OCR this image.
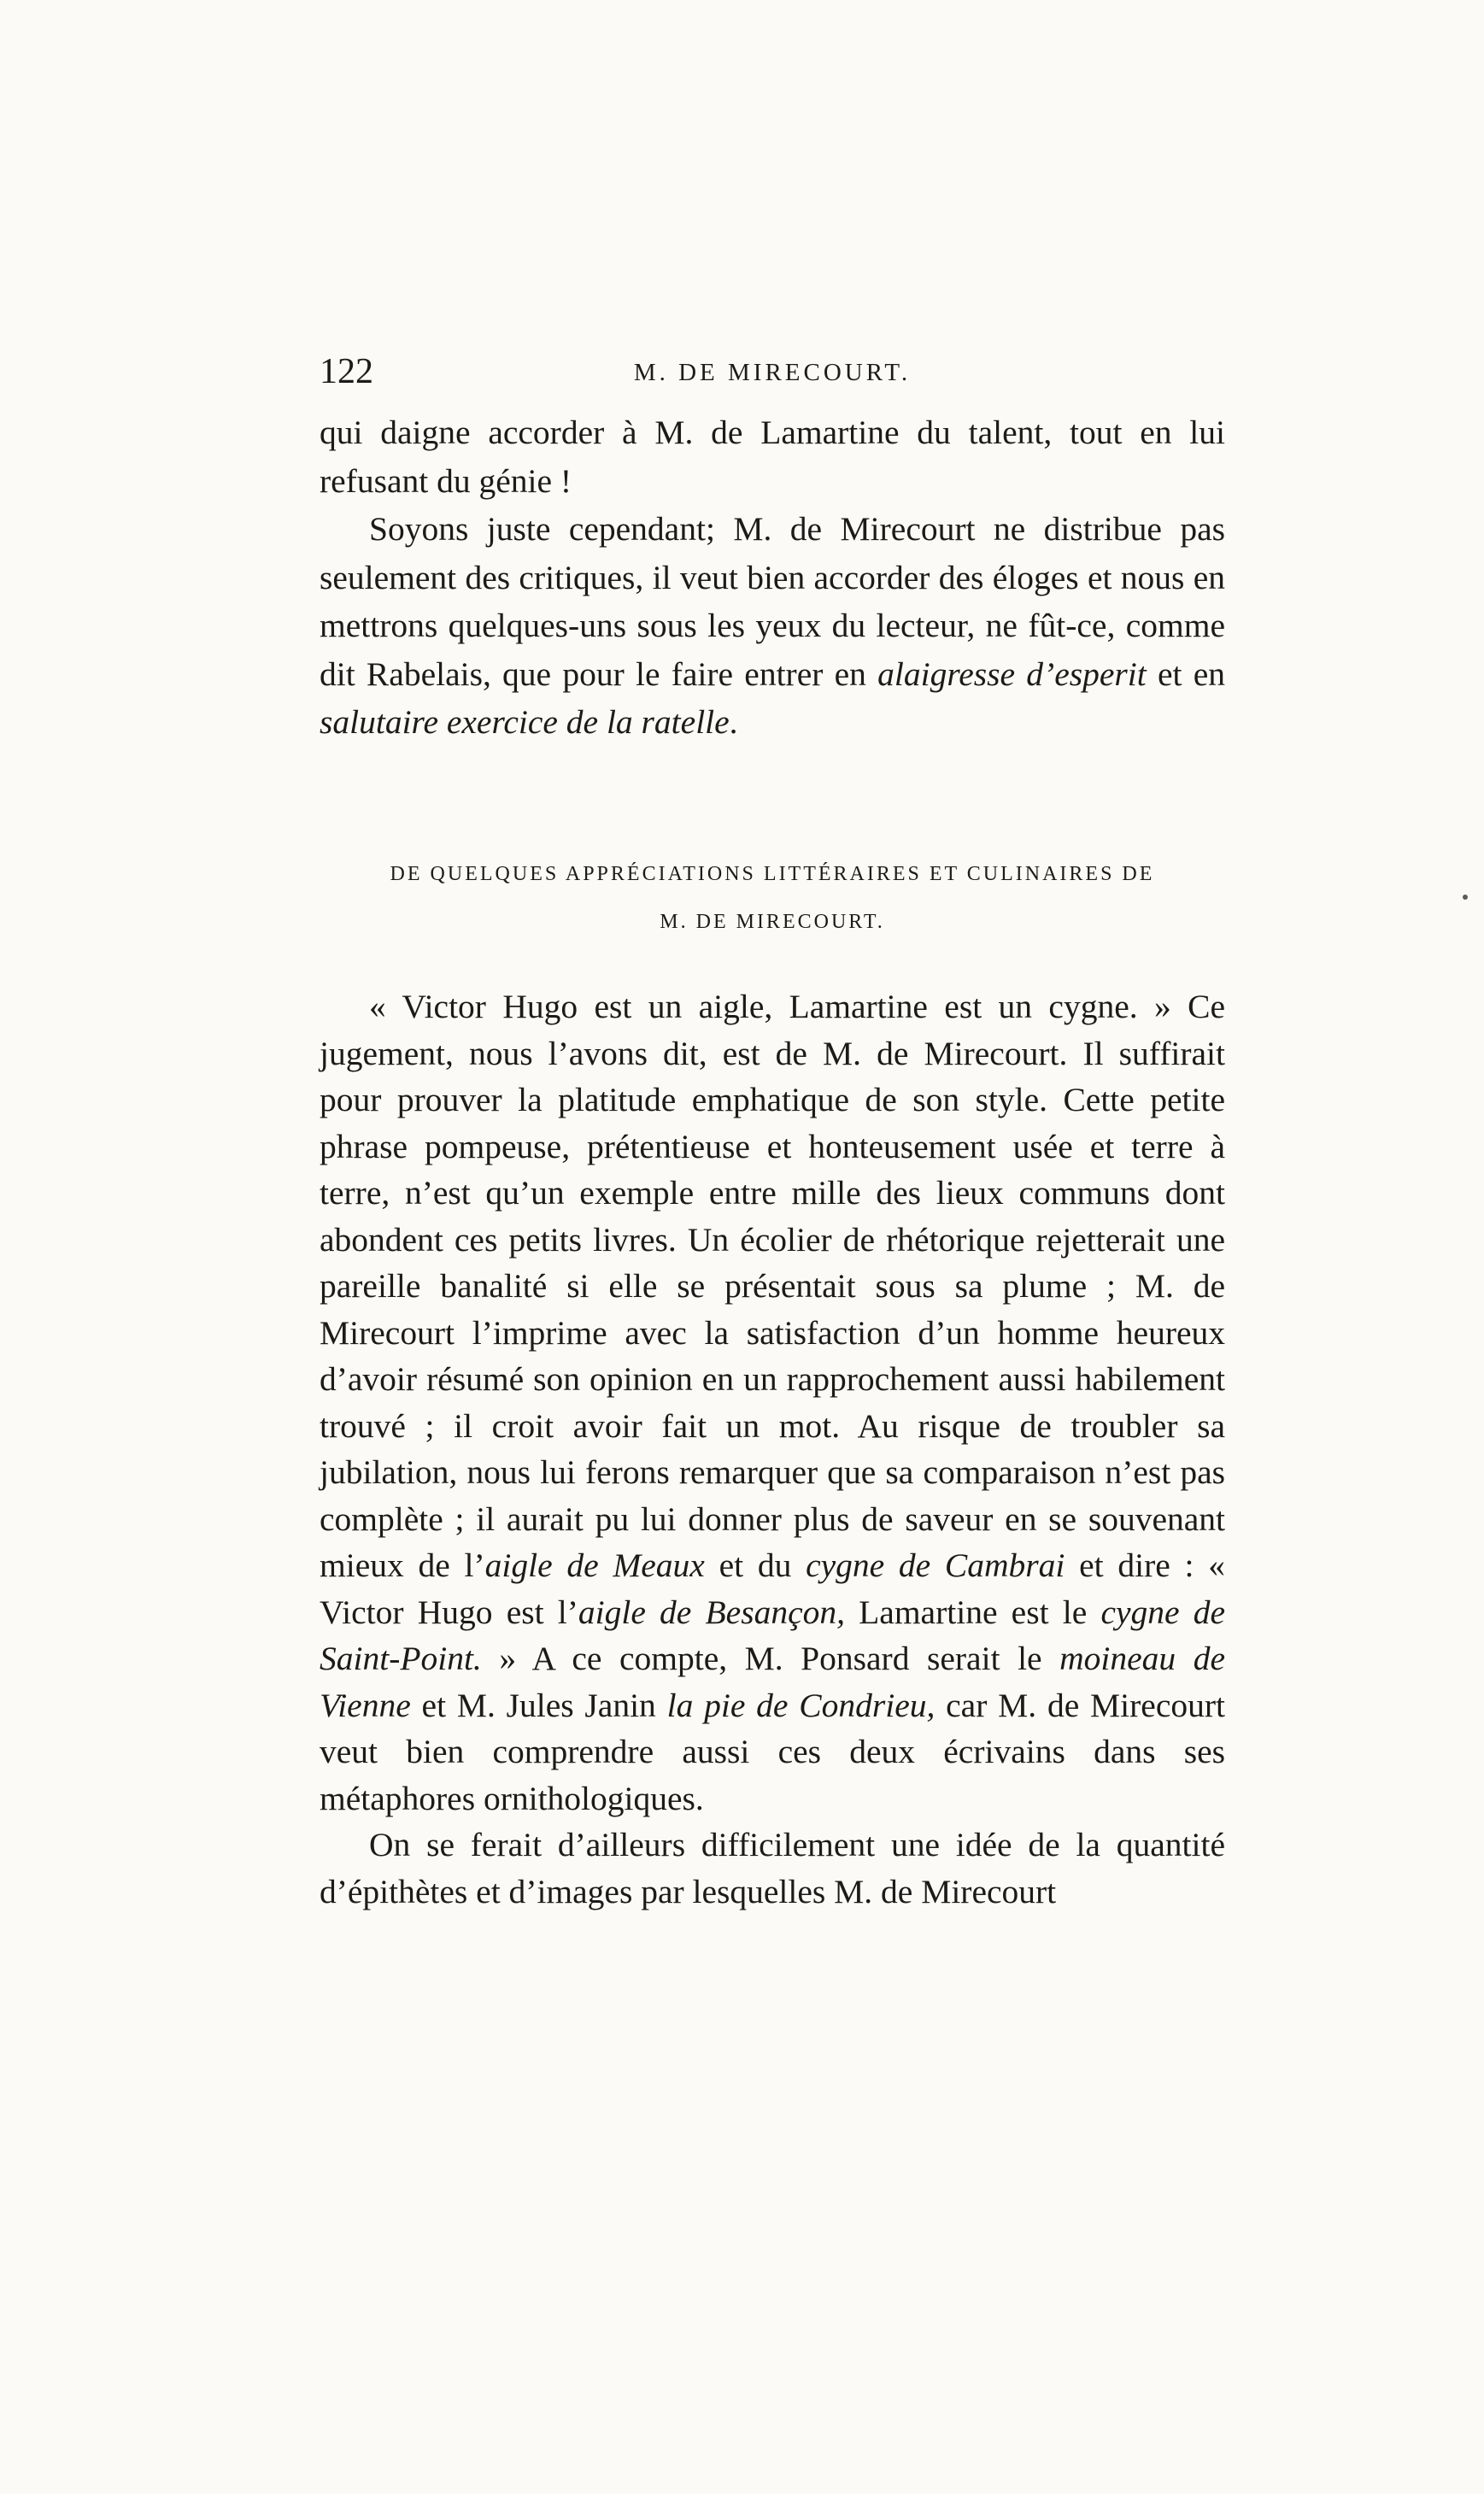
122	M. DE MIRECOURT.

qui daigne accorder à M. de Lamartine du talent, tout en lui refusant du génie !

Soyons juste cependant; M. de Mirecourt ne distribue pas seulement des critiques, il veut bien accorder des éloges et nous en mettrons quelques-uns sous les yeux du lecteur, ne fût-ce, comme dit Rabelais, que pour le faire entrer en alaigresse d’esperit et en salutaire exercice de la ratelle.

DE QUELQUES APPRÉCIATIONS LITTÉRAIRES ET CULINAIRES DE
M. DE MIRECOURT.

« Victor Hugo est un aigle, Lamartine est un cygne. » Ce jugement, nous l’avons dit, est de M. de Mirecourt. Il suffirait pour prouver la platitude emphatique de son style. Cette petite phrase pompeuse, prétentieuse et honteusement usée et terre à terre, n’est qu’un exemple entre mille des lieux communs dont abondent ces petits livres. Un écolier de rhétorique rejetterait une pareille banalité si elle se présentait sous sa plume ; M. de Mirecourt l’imprime avec la satisfaction d’un homme heureux d’avoir résumé son opinion en un rapprochement aussi habilement trouvé ; il croit avoir fait un mot. Au risque de troubler sa jubilation, nous lui ferons remarquer que sa comparaison n’est pas complète ; il aurait pu lui donner plus de saveur en se souvenant mieux de l’aigle de Meaux et du cygne de Cambrai et dire : « Victor Hugo est l’aigle de Besançon, Lamartine est le cygne de Saint-Point. » A ce compte, M. Ponsard serait le moineau de Vienne et M. Jules Janin la pie de Condrieu, car M. de Mirecourt veut bien comprendre aussi ces deux écrivains dans ses métaphores ornithologiques.

On se ferait d’ailleurs difficilement une idée de la quantité d’épithètes et d’images par lesquelles M. de Mirecourt
